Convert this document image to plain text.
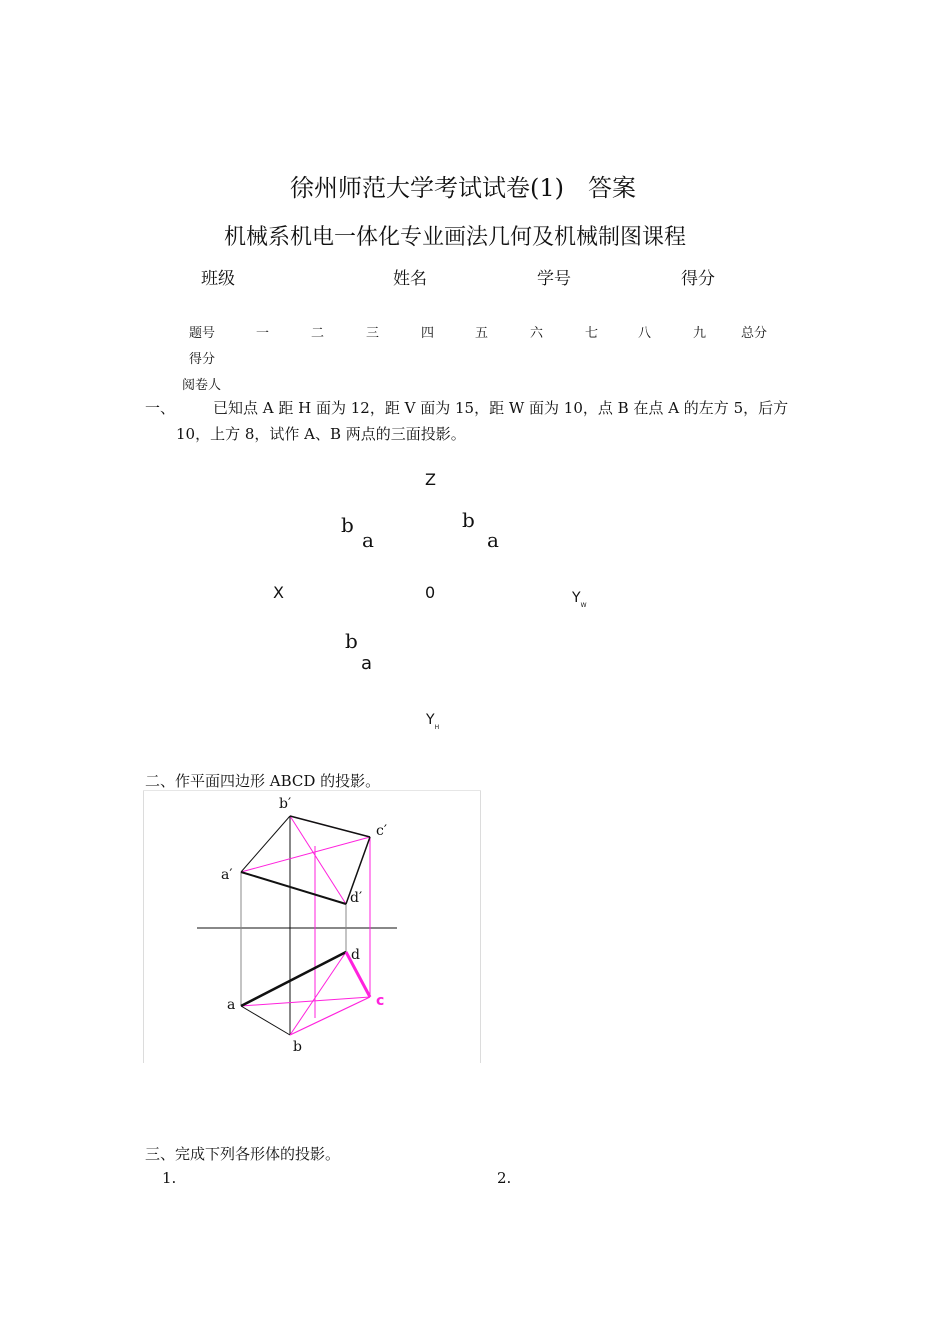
徐州师范大学考试试卷(1)　答案
机械系机电一体化专业画法几何及机械制图课程
班级	姓名	学号	得分
题号	一	二	三	四	五	六	七	八	九	总分
得分
阅卷人
一、	已知点 A 距 H 面为 12，距 V 面为 15，距 W 面为 10，点 B 在点 A 的左方 5，后方
10，上方 8，试作 A、B 两点的三面投影。
Z
b
a
b
a
X	0	$Y_W$
b
a
$Y_H$
二、作平面四边形 ABCD 的投影。
b′
c′
a′
d′
d
a
b
c
三、完成下列各形体的投影。
1.	2.
